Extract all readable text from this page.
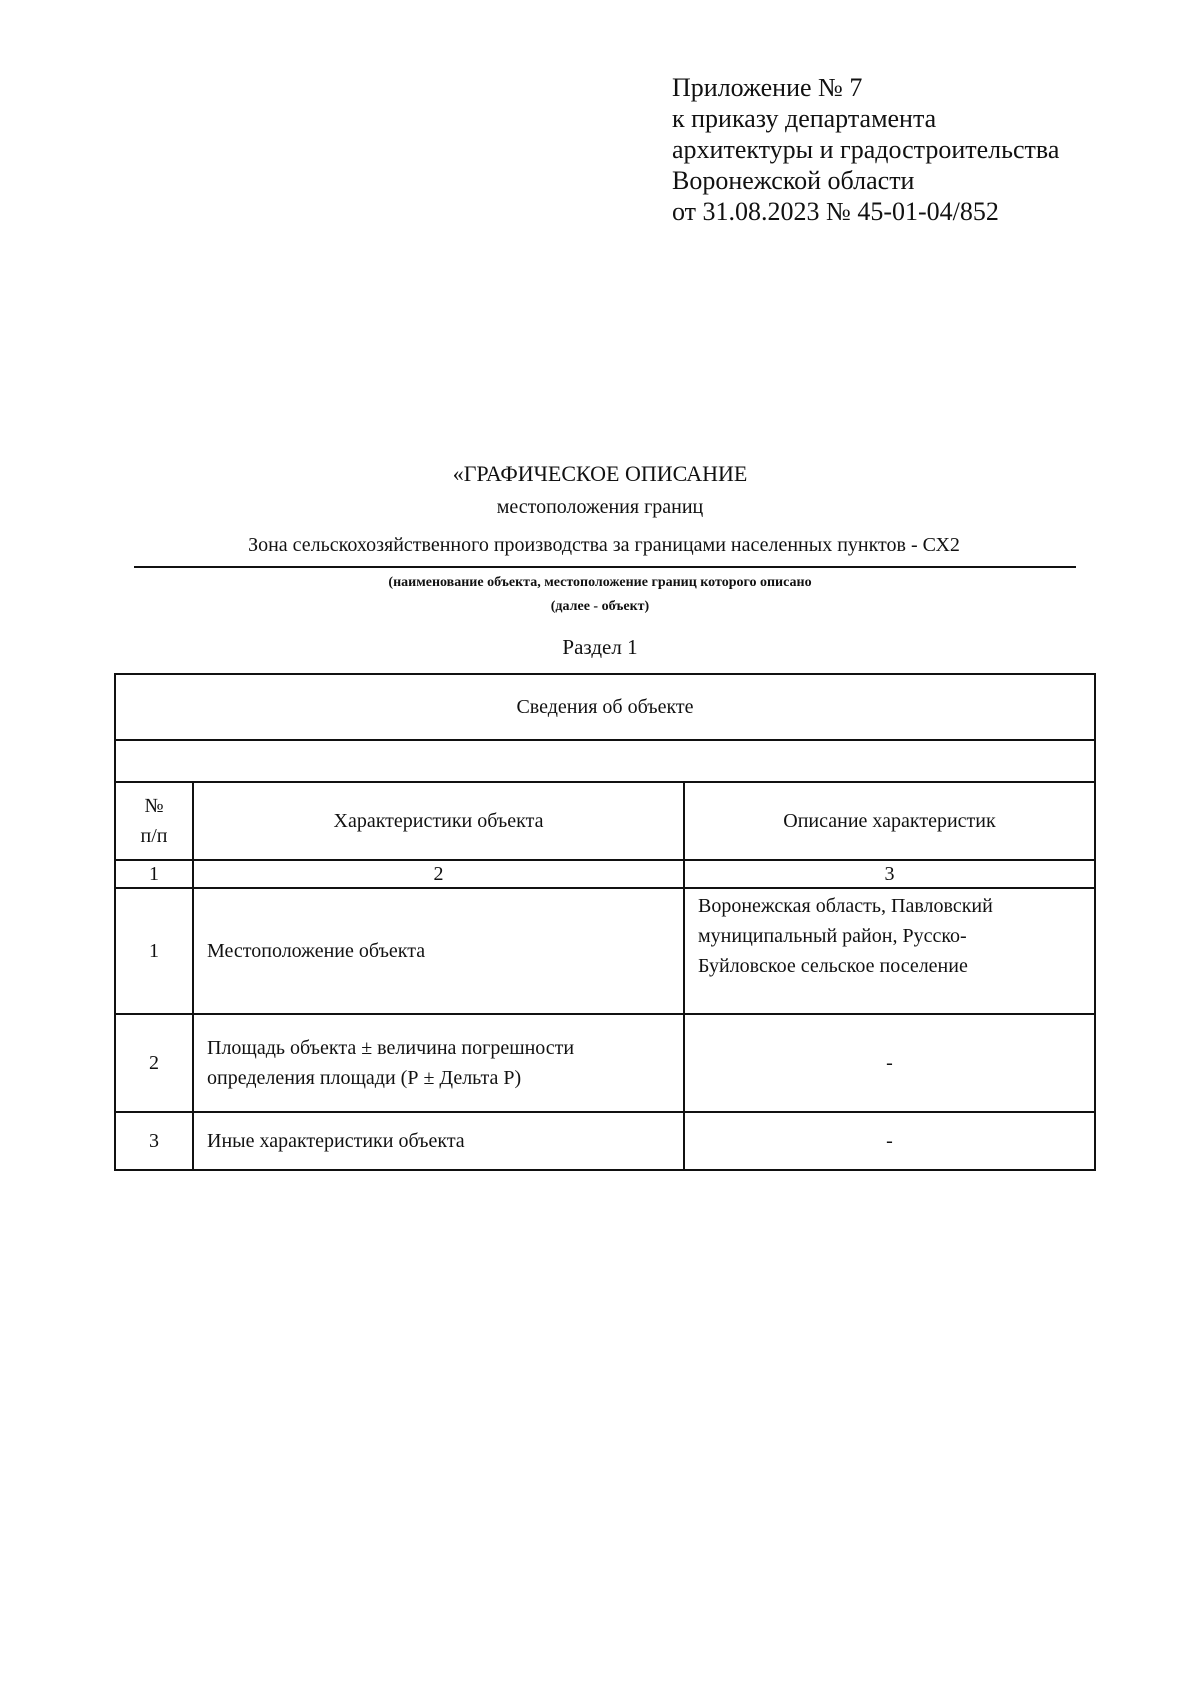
Приложение № 7
к приказу департамента
архитектуры и градостроительства
Воронежской области
от 31.08.2023 № 45-01-04/852
«ГРАФИЧЕСКОЕ ОПИСАНИЕ
местоположения границ
Зона сельскохозяйственного производства за границами населенных пунктов - СХ2
(наименование объекта, местоположение границ которого описано
(далее - объект)
Раздел 1
Сведения об объекте		

№ п/п	Характеристики объекта	Описание характеристик
1	2	3
1	Местоположение объекта	Воронежская область, Павловский муниципальный район, Русско-Буйловское сельское поселение
2	Площадь объекта ± величина погрешности определения площади (Р ± Дельта Р)	-
3	Иные характеристики объекта	-
